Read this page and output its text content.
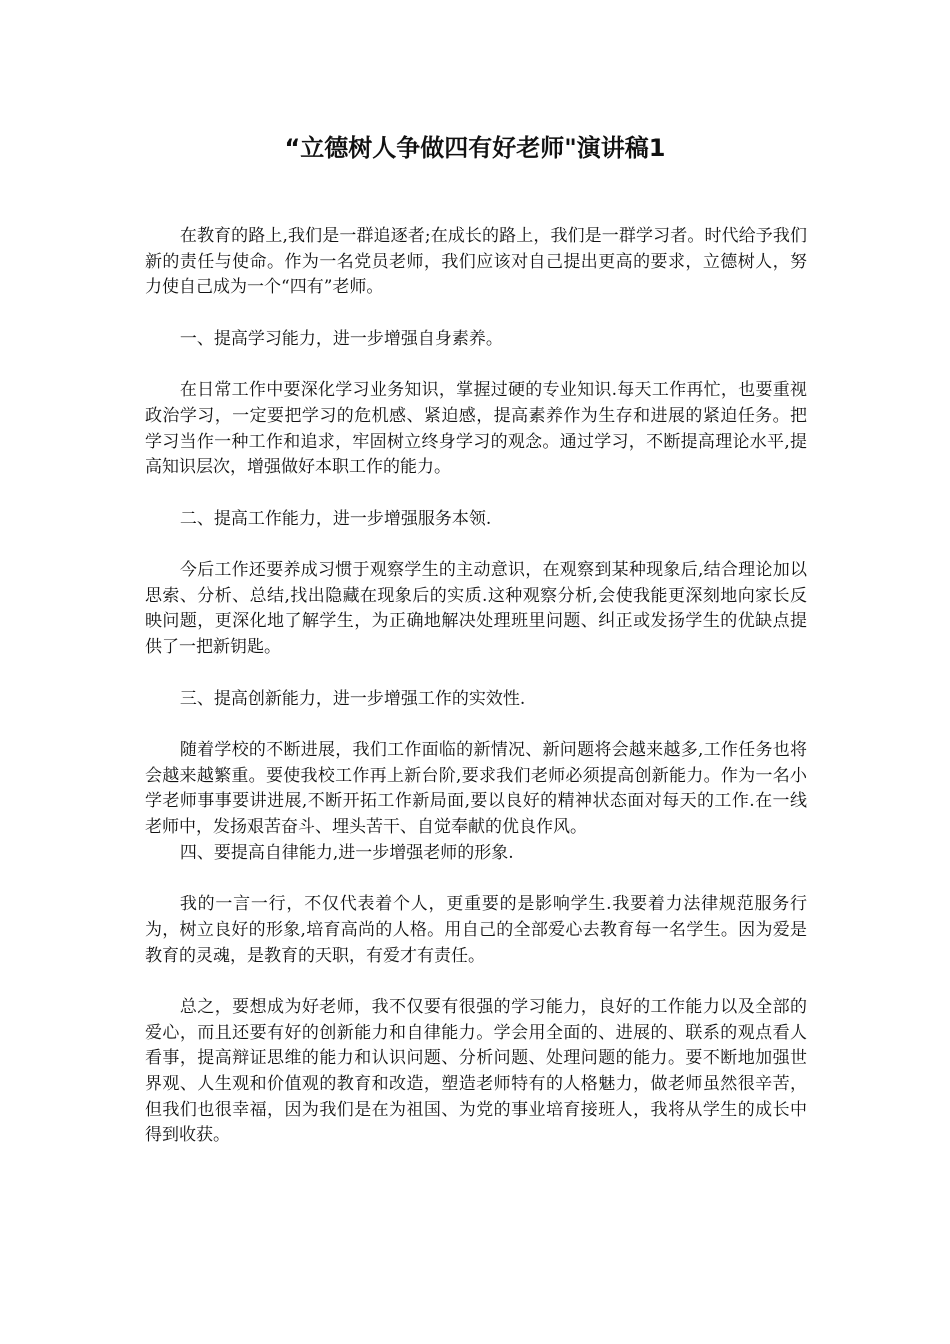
“立德树人争做四有好老师"演讲稿1

在教育的路上,我们是一群追逐者;在成长的路上，我们是一群学习者。时代给予我们新的责任与使命。作为一名党员老师，我们应该对自己提出更高的要求，立德树人，努力使自己成为一个“四有”老师。

一、提高学习能力，进一步增强自身素养。

在日常工作中要深化学习业务知识，掌握过硬的专业知识.每天工作再忙，也要重视政治学习，一定要把学习的危机感、紧迫感，提高素养作为生存和进展的紧迫任务。把学习当作一种工作和追求，牢固树立终身学习的观念。通过学习，不断提高理论水平,提高知识层次，增强做好本职工作的能力。

二、提高工作能力，进一步增强服务本领.

今后工作还要养成习惯于观察学生的主动意识，在观察到某种现象后,结合理论加以思索、分析、总结,找出隐藏在现象后的实质.这种观察分析,会使我能更深刻地向家长反映问题，更深化地了解学生，为正确地解决处理班里问题、纠正或发扬学生的优缺点提供了一把新钥匙。

三、提高创新能力，进一步增强工作的实效性.

随着学校的不断进展，我们工作面临的新情况、新问题将会越来越多,工作任务也将会越来越繁重。要使我校工作再上新台阶,要求我们老师必须提高创新能力。作为一名小学老师事事要讲进展,不断开拓工作新局面,要以良好的精神状态面对每天的工作.在一线老师中，发扬艰苦奋斗、埋头苦干、自觉奉献的优良作风。

四、要提高自律能力,进一步增强老师的形象.

我的一言一行，不仅代表着个人，更重要的是影响学生.我要着力法律规范服务行为，树立良好的形象,培育高尚的人格。用自己的全部爱心去教育每一名学生。因为爱是教育的灵魂，是教育的天职，有爱才有责任。

总之，要想成为好老师，我不仅要有很强的学习能力，良好的工作能力以及全部的爱心，而且还要有好的创新能力和自律能力。学会用全面的、进展的、联系的观点看人看事，提高辩证思维的能力和认识问题、分析问题、处理问题的能力。要不断地加强世界观、人生观和价值观的教育和改造，塑造老师特有的人格魅力，做老师虽然很辛苦，但我们也很幸福，因为我们是在为祖国、为党的事业培育接班人，我将从学生的成长中得到收获。
